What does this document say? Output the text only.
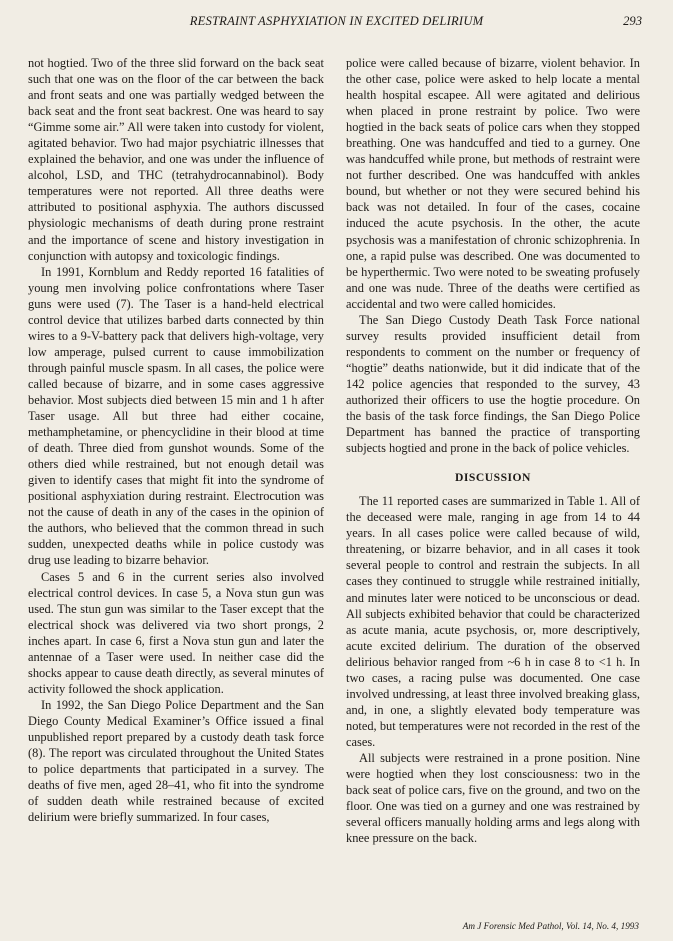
RESTRAINT ASPHYXIATION IN EXCITED DELIRIUM	293

not hogtied. Two of the three slid forward on the back seat such that one was on the floor of the car between the back and front seats and one was partially wedged between the back seat and the front seat backrest. One was heard to say “Gimme some air.” All were taken into custody for violent, agitated behavior. Two had major psychiatric illnesses that explained the behavior, and one was under the influence of alcohol, LSD, and THC (tetrahydrocannabinol). Body temperatures were not reported. All three deaths were attributed to positional asphyxia. The authors discussed physiologic mechanisms of death during prone restraint and the importance of scene and history investigation in conjunction with autopsy and toxicologic findings.

In 1991, Kornblum and Reddy reported 16 fatalities of young men involving police confrontations where Taser guns were used (7). The Taser is a hand-held electrical control device that utilizes barbed darts connected by thin wires to a 9-V-battery pack that delivers high-voltage, very low amperage, pulsed current to cause immobilization through painful muscle spasm. In all cases, the police were called because of bizarre, and in some cases aggressive behavior. Most subjects died between 15 min and 1 h after Taser usage. All but three had either cocaine, methamphetamine, or phencyclidine in their blood at time of death. Three died from gunshot wounds. Some of the others died while restrained, but not enough detail was given to identify cases that might fit into the syndrome of positional asphyxiation during restraint. Electrocution was not the cause of death in any of the cases in the opinion of the authors, who believed that the common thread in such sudden, unexpected deaths while in police custody was drug use leading to bizarre behavior.

Cases 5 and 6 in the current series also involved electrical control devices. In case 5, a Nova stun gun was used. The stun gun was similar to the Taser except that the electrical shock was delivered via two short prongs, 2 inches apart. In case 6, first a Nova stun gun and later the antennae of a Taser were used. In neither case did the shocks appear to cause death directly, as several minutes of activity followed the shock application.

In 1992, the San Diego Police Department and the San Diego County Medical Examiner’s Office issued a final unpublished report prepared by a custody death task force (8). The report was circulated throughout the United States to police departments that participated in a survey. The deaths of five men, aged 28–41, who fit into the syndrome of sudden death while restrained because of excited delirium were briefly summarized. In four cases,

police were called because of bizarre, violent behavior. In the other case, police were asked to help locate a mental health hospital escapee. All were agitated and delirious when placed in prone restraint by police. Two were hogtied in the back seats of police cars when they stopped breathing. One was handcuffed and tied to a gurney. One was handcuffed while prone, but methods of restraint were not further described. One was handcuffed with ankles bound, but whether or not they were secured behind his back was not detailed. In four of the cases, cocaine induced the acute psychosis. In the other, the acute psychosis was a manifestation of chronic schizophrenia. In one, a rapid pulse was described. One was documented to be hyperthermic. Two were noted to be sweating profusely and one was nude. Three of the deaths were certified as accidental and two were called homicides.

The San Diego Custody Death Task Force national survey results provided insufficient detail from respondents to comment on the number or frequency of “hogtie” deaths nationwide, but it did indicate that of the 142 police agencies that responded to the survey, 43 authorized their officers to use the hogtie procedure. On the basis of the task force findings, the San Diego Police Department has banned the practice of transporting subjects hogtied and prone in the back of police vehicles.

DISCUSSION

The 11 reported cases are summarized in Table 1. All of the deceased were male, ranging in age from 14 to 44 years. In all cases police were called because of wild, threatening, or bizarre behavior, and in all cases it took several people to control and restrain the subjects. In all cases they continued to struggle while restrained initially, and minutes later were noticed to be unconscious or dead. All subjects exhibited behavior that could be characterized as acute mania, acute psychosis, or, more descriptively, acute excited delirium. The duration of the observed delirious behavior ranged from ~6 h in case 8 to <1 h. In two cases, a racing pulse was documented. One case involved undressing, at least three involved breaking glass, and, in one, a slightly elevated body temperature was noted, but temperatures were not recorded in the rest of the cases.

All subjects were restrained in a prone position. Nine were hogtied when they lost consciousness: two in the back seat of police cars, five on the ground, and two on the floor. One was tied on a gurney and one was restrained by several officers manually holding arms and legs along with knee pressure on the back.

Am J Forensic Med Pathol, Vol. 14, No. 4, 1993
